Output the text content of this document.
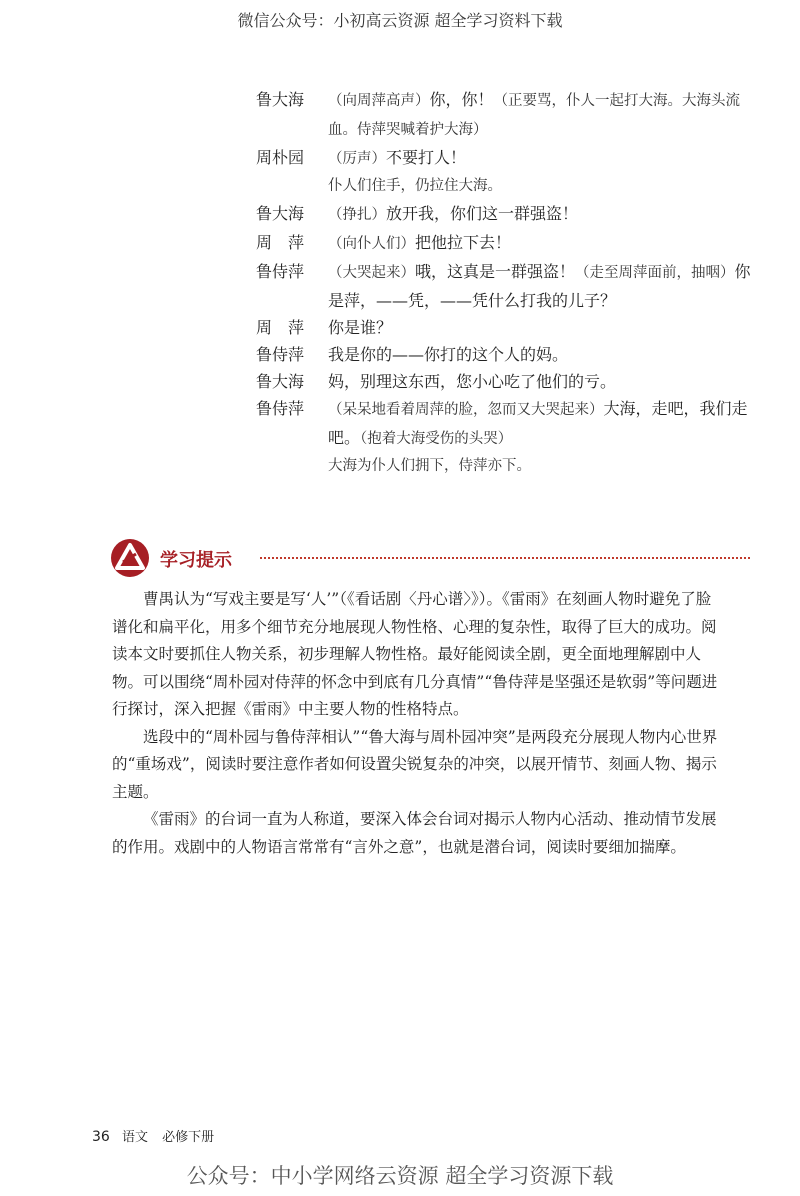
微信公众号：小初高云资源 超全学习资料下载
鲁大海	（向周萍高声）你，你！（正要骂，仆人一起打大海。大海头流血。侍萍哭喊着护大海）
周朴园	（厉声）不要打人！
仆人们住手，仍拉住大海。
鲁大海	（挣扎）放开我，你们这一群强盗！
周　萍	（向仆人们）把他拉下去！
鲁侍萍	（大哭起来）哦，这真是一群强盗！（走至周萍面前，抽咽）你是萍，——凭，——凭什么打我的儿子？
周　萍	你是谁？
鲁侍萍	我是你的——你打的这个人的妈。
鲁大海	妈，别理这东西，您小心吃了他们的亏。
鲁侍萍	（呆呆地看着周萍的脸，忽而又大哭起来）大海，走吧，我们走吧。（抱着大海受伤的头哭）
大海为仆人们拥下，侍萍亦下。
学习提示

曹禺认为“写戏主要是写‘人’”（《看话剧〈丹心谱〉》）。《雷雨》在刻画人物时避免了脸谱化和扁平化，用多个细节充分地展现人物性格、心理的复杂性，取得了巨大的成功。阅读本文时要抓住人物关系，初步理解人物性格。最好能阅读全剧，更全面地理解剧中人物。可以围绕“周朴园对侍萍的怀念中到底有几分真情”“鲁侍萍是坚强还是软弱”等问题进行探讨，深入把握《雷雨》中主要人物的性格特点。

选段中的“周朴园与鲁侍萍相认”“鲁大海与周朴园冲突”是两段充分展现人物内心世界的“重场戏”，阅读时要注意作者如何设置尖锐复杂的冲突，以展开情节、刻画人物、揭示主题。

《雷雨》的台词一直为人称道，要深入体会台词对揭示人物内心活动、推动情节发展的作用。戏剧中的人物语言常常有“言外之意”，也就是潜台词，阅读时要细加揣摩。

36 语文 必修下册
公众号：中小学网络云资源 超全学习资源下载
